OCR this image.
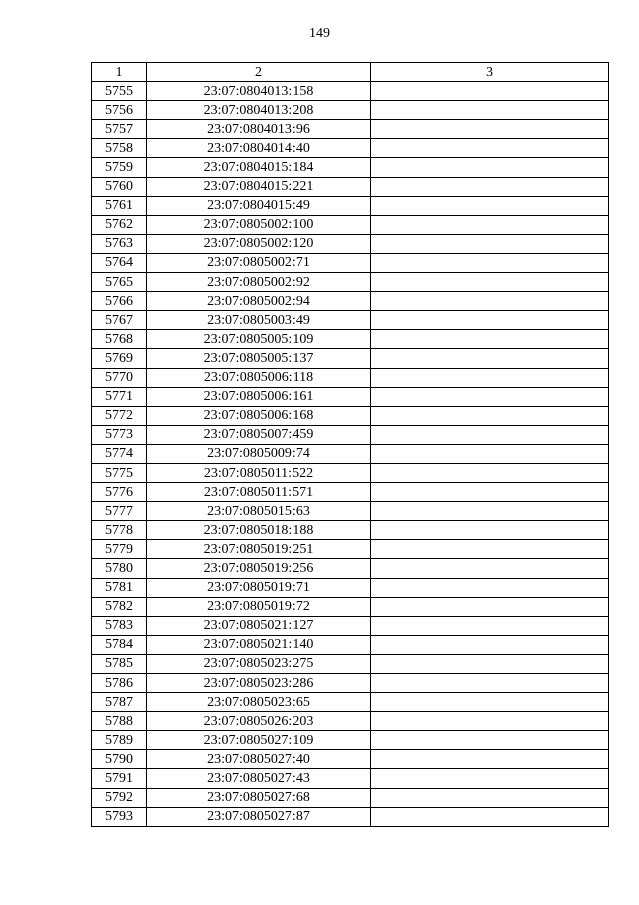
149
1	2	3
5755	23:07:0804013:158	
5756	23:07:0804013:208	
5757	23:07:0804013:96	
5758	23:07:0804014:40	
5759	23:07:0804015:184	
5760	23:07:0804015:221	
5761	23:07:0804015:49	
5762	23:07:0805002:100	
5763	23:07:0805002:120	
5764	23:07:0805002:71	
5765	23:07:0805002:92	
5766	23:07:0805002:94	
5767	23:07:0805003:49	
5768	23:07:0805005:109	
5769	23:07:0805005:137	
5770	23:07:0805006:118	
5771	23:07:0805006:161	
5772	23:07:0805006:168	
5773	23:07:0805007:459	
5774	23:07:0805009:74	
5775	23:07:0805011:522	
5776	23:07:0805011:571	
5777	23:07:0805015:63	
5778	23:07:0805018:188	
5779	23:07:0805019:251	
5780	23:07:0805019:256	
5781	23:07:0805019:71	
5782	23:07:0805019:72	
5783	23:07:0805021:127	
5784	23:07:0805021:140	
5785	23:07:0805023:275	
5786	23:07:0805023:286	
5787	23:07:0805023:65	
5788	23:07:0805026:203	
5789	23:07:0805027:109	
5790	23:07:0805027:40	
5791	23:07:0805027:43	
5792	23:07:0805027:68	
5793	23:07:0805027:87	
